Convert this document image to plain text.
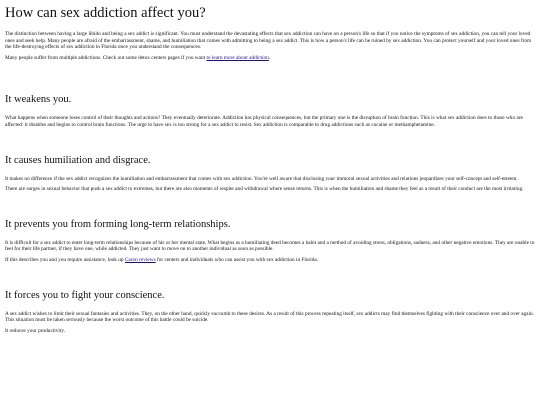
How can sex addiction affect you?

The distinction between having a large libido and being a sex addict is significant. You must understand the devastating effects that sex addiction can have on a person's life so that if you notice the symptoms of sex addiction, you can tell your loved ones and seek help. Many people are afraid of the embarrassment, shame, and humiliation that comes with admitting to being a sex addict. This is how a person's life can be ruined by sex addiction. You can protect yourself and your loved ones from the life-destroying effects of sex addiction in Florida once you understand the consequences.

Many people suffer from multiple addictions. Check out some detox centers pages if you want to learn more about addiction.

It weakens you.

What happens when someone loses control of their thoughts and actions? They eventually deteriorate. Addiction has physical consequences, but the primary one is the disruption of brain function. This is what sex addiction does to those who are affected: it disables and begins to control brain functions. The urge to have sex is too strong for a sex addict to resist. Sex addiction is comparable to drug addictions such as cocaine or methamphetamine.

It causes humiliation and disgrace.

It makes no difference if the sex addict recognizes the humiliation and embarrassment that comes with sex addiction. You're well aware that disclosing your immoral sexual activities and relations jeopardizes your self-concept and self-esteem.

There are surges in sexual behavior that push a sex addict to extremes, but there are also moments of respite and withdrawal where sense returns. This is when the humiliation and shame they feel as a result of their conduct are the most irritating.

It prevents you from forming long-term relationships.

It is difficult for a sex addict to enter long-term relationships because of his or her mental state. What begins as a humiliating deed becomes a habit and a method of avoiding stress, obligations, sadness, and other negative emotions. They are unable to feel for their life partner, if they have one, while addicted. They just want to move on to another individual as soon as possible.

If this describes you and you require assistance, look up Caron reviews for centers and individuals who can assist you with sex addiction in Florida.

It forces you to fight your conscience.

A sex addict wishes to limit their sexual fantasies and activities. They, on the other hand, quickly succumb to these desires. As a result of this process repeating itself, sex addicts may find themselves fighting with their conscience over and over again. This situation must be taken seriously because the worst outcome of this battle could be suicide.

It reduces your productivity.
